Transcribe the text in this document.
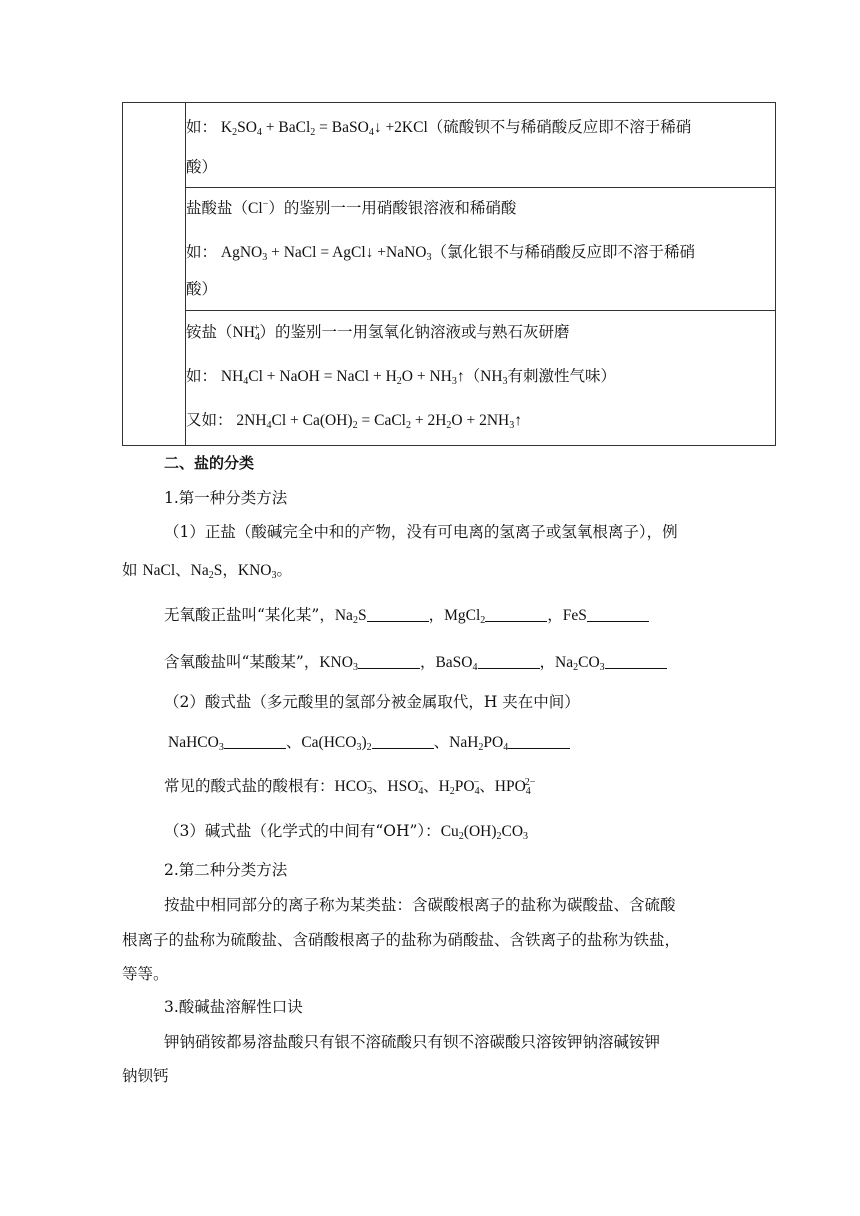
如： $K_2SO_4$ + BaCl$_2$ = BaSO$_4$↓ +2KCl（硫酸钡不与稀硝酸反应即不溶于稀硝
酸）

盐酸盐（Cl−）的鉴别一一用硝酸银溶液和稀硝酸
如： AgNO$_3$ + NaCl = AgCl↓ +NaNO$_3$（氯化银不与稀硝酸反应即不溶于稀硝
酸）

铵盐$(NH_4^+)$的鉴别一一用氢氧化钠溶液或与熟石灰研磨
如： $NH_4Cl$ + NaOH = NaCl + $H_2O$ + $NH_3↑(NH_3$有刺激性气味）
又如： $2NH_4Cl + Ca(OH)_2$ = CaCl$_2$ + $2H_2O$ + $2NH_3↑$
二、盐的分类
1.第一种分类方法
（1）正盐（酸碱完全中和的产物，没有可电离的氢离子或氢氧根离子），例
如 NaCl、$Na_2S$，$KNO_3$。
无氧酸正盐叫“某化某”，$Na_2S$	，MgCl$_2$	，FeS
含氧酸盐叫“某酸某”，$KNO_3$	，BaSO$_4$	，$Na_2CO_3$
（2）酸式盐（多元酸里的氢部分被金属取代，H 夹在中间）
NaHCO$_3$	、$Ca(HCO_3)_2$	、$NaH_2PO_4$
常见的酸式盐的酸根有：$HCO_3^-$、$HSO_4^-$、$H_2PO_4^-$、$HPO_4^{2-}$
（3）碱式盐（化学式的中间有“OH”）：$Cu_2(OH)_2CO_3$
2.第二种分类方法
按盐中相同部分的离子称为某类盐：含碳酸根离子的盐称为碳酸盐、含硫酸
根离子的盐称为硫酸盐、含硝酸根离子的盐称为硝酸盐、含铁离子的盐称为铁盐，
等等。
3.酸碱盐溶解性口诀
钾钠硝铵都易溶盐酸只有银不溶硫酸只有钡不溶碳酸只溶铵钾钠溶碱铵钾
钠钡钙
